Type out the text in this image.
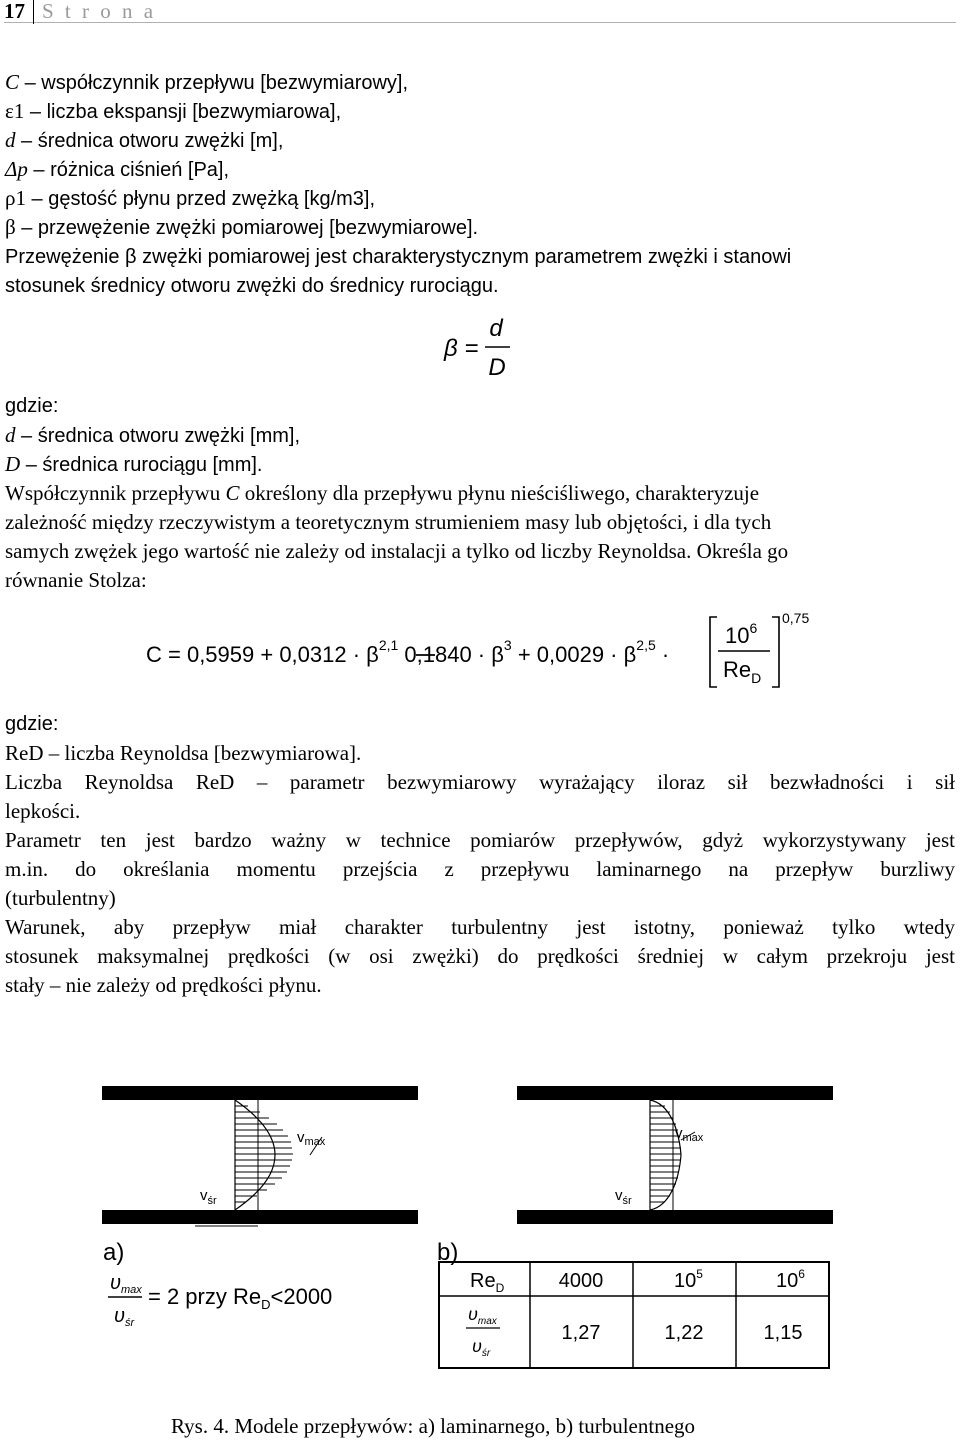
17 S t r o n a
C – współczynnik przepływu [bezwymiarowy],
ε1 – liczba ekspansji [bezwymiarowa],
d – średnica otworu zwężki [m],
Δp – różnica ciśnień [Pa],
ρ1 – gęstość płynu przed zwężką [kg/m3],
β – przewężenie zwężki pomiarowej [bezwymiarowe].
Przewężenie β zwężki pomiarowej jest charakterystycznym parametrem zwężki i stanowi
stosunek średnicy otworu zwężki do średnicy rurociągu.
β =
d
D
gdzie:
d – średnica otworu zwężki [mm],
D – średnica rurociągu [mm].
Współczynnik przepływu C określony dla przepływu płynu nieściśliwego, charakteryzuje
zależność między rzeczywistym a teoretycznym strumieniem masy lub objętości, i dla tych
samych zwężek jego wartość nie zależy od instalacji a tylko od liczby Reynoldsa. Określa go
równanie Stolza:
$C = 0,5959 + 0,0312 \cdot \beta^{2,1}$ $0,1840 \cdot \beta^3 + 0,0029 \cdot \beta^{2,5}$ ·
$10^6$
$Re_D$
0,75
gdzie:
ReD – liczba Reynoldsa [bezwymiarowa].
Liczba Reynoldsa ReD – parametr bezwymiarowy wyrażający iloraz sił bezwładności i sił
lepkości.
Parametr ten jest bardzo ważny w technice pomiarów przepływów, gdyż wykorzystywany jest
m.in. do określania momentu przejścia z przepływu laminarnego na przepływ burzliwy
(turbulentny)
Warunek, aby przepływ miał charakter turbulentny jest istotny, ponieważ tylko wtedy
stosunek maksymalnej prędkości (w osi zwężki) do prędkości średniej w całym przekroju jest
stały – nie zależy od prędkości płynu.
$v_{max}$
$v_{śr}$
$v_{max}$
$v_{śr}$
a)	b)
$\upsilon_{max}$
$\upsilon_{śr}$
= 2 przy $Re_D<2000$
$Re_D$	4000	$10^5$	$10^6$
$\upsilon_{max}$
$\upsilon_{śr}$
1,27	1,22	1,15
Rys. 4. Modele przepływów: a) laminarnego, b) turbulentnego
